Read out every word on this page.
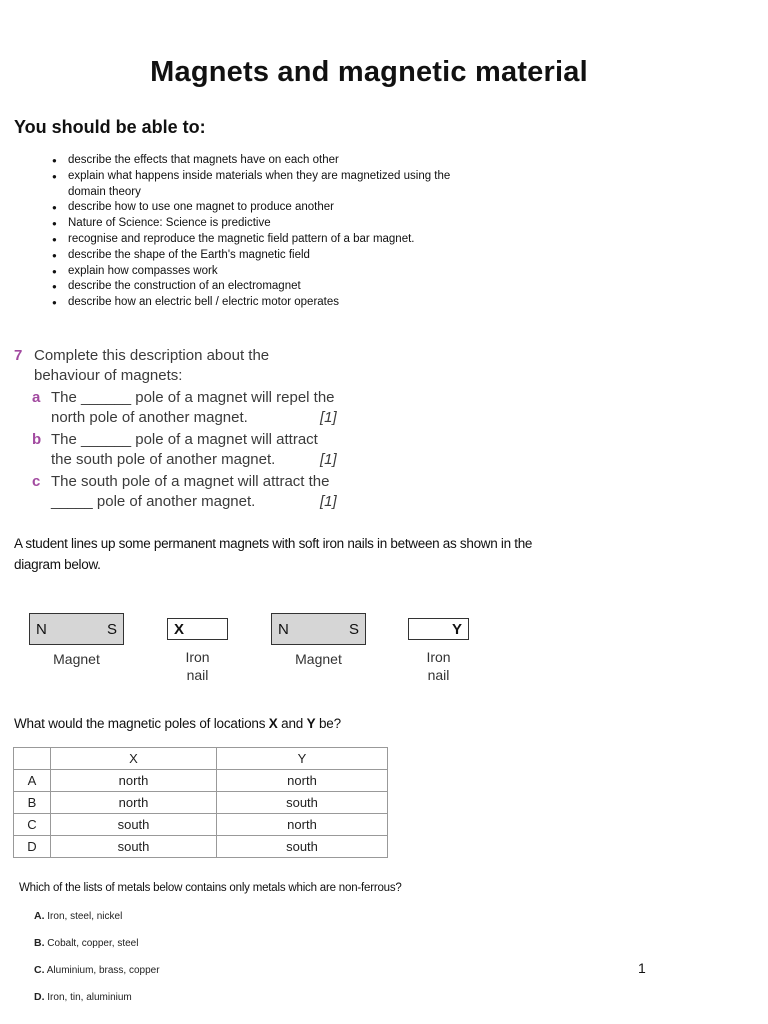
Magnets and magnetic material
You should be able to:
● describe the effects that magnets have on each other
● explain what happens inside materials when they are magnetized using the domain theory
● describe how to use one magnet to produce another
● Nature of Science: Science is predictive
● recognise and reproduce the magnetic field pattern of a bar magnet.
● describe the shape of the Earth's magnetic field
● explain how compasses work
● describe the construction of an electromagnet
● describe how an electric bell / electric motor operates
7 Complete this description about the behaviour of magnets:
a The ______ pole of a magnet will repel the north pole of another magnet.	[1]
b The ______ pole of a magnet will attract the south pole of another magnet.	[1]
c The south pole of a magnet will attract the _____ pole of another magnet.	[1]
A student lines up some permanent magnets with soft iron nails in between as shown in the diagram below.
N	S
Magnet
X
Iron
nail
N	S
Magnet
Y
Iron
nail
What would the magnetic poles of locations X and Y be?
	X	Y
A	north	north
B	north	south
C	south	north
D	south	south
Which of the lists of metals below contains only metals which are non-ferrous?
A. Iron, steel, nickel
B. Cobalt, copper, steel
C. Aluminium, brass, copper
D. Iron, tin, aluminium
1
